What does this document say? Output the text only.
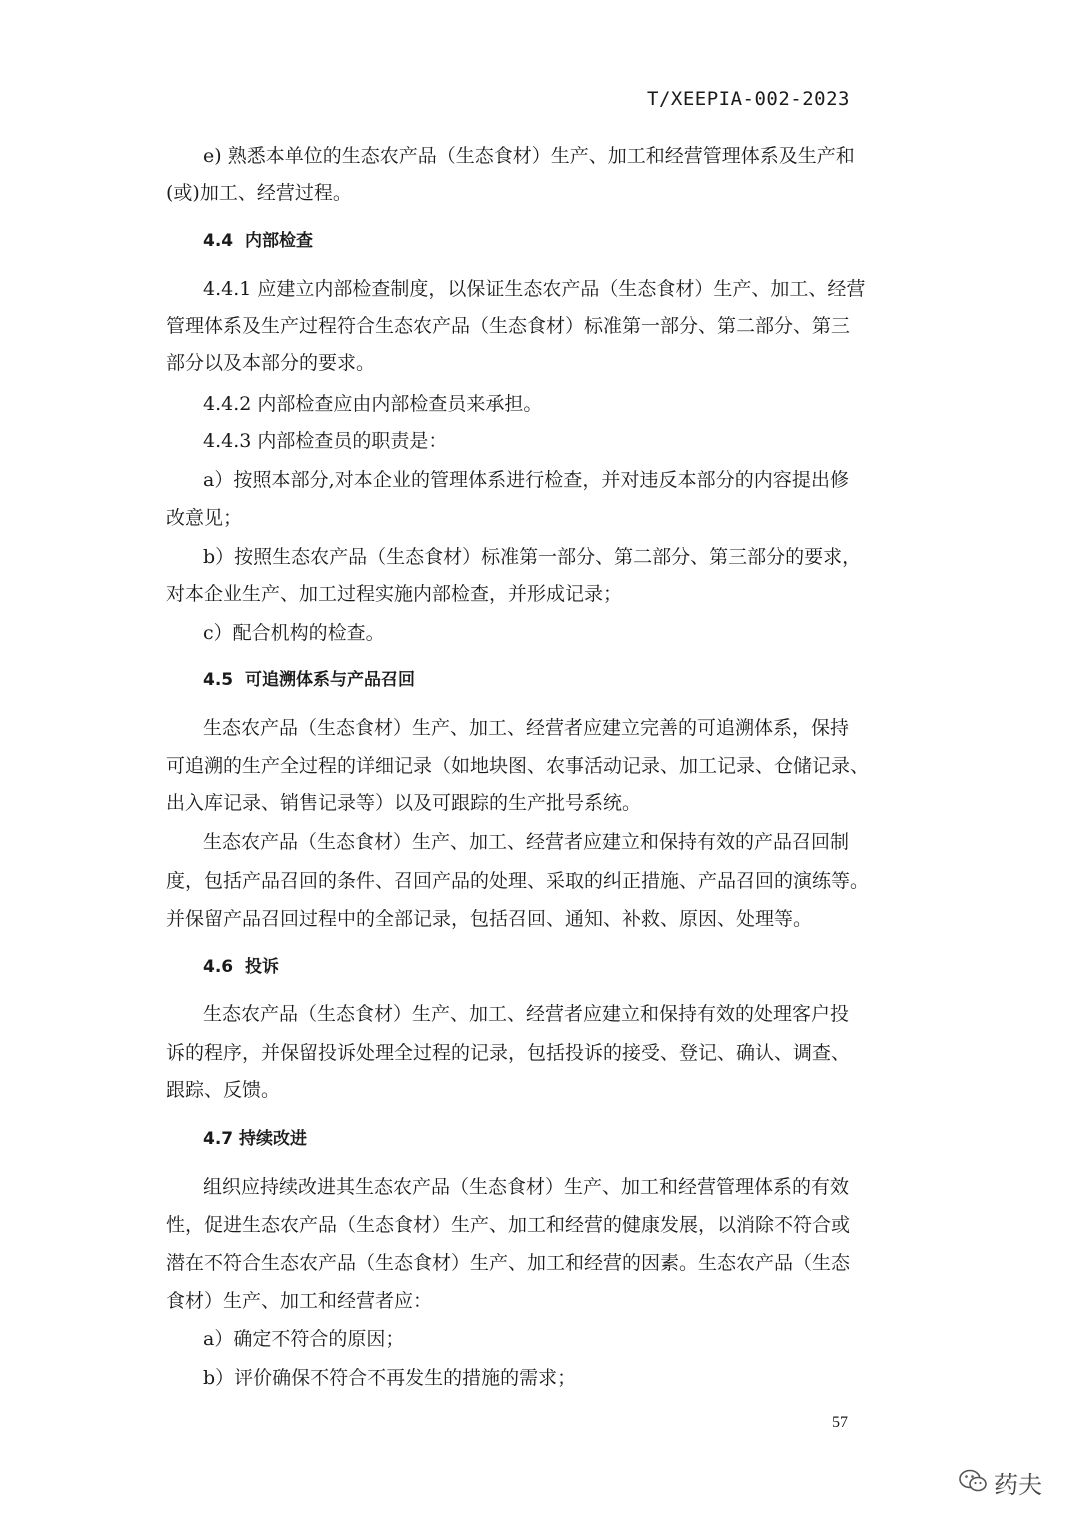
T/XEEPIA-002-2023
e) 熟悉本单位的生态农产品（生态食材）生产、加工和经营管理体系及生产和
(或)加工、经营过程。
4.4 内部检查
4.4.1 应建立内部检查制度，以保证生态农产品（生态食材）生产、加工、经营
管理体系及生产过程符合生态农产品（生态食材）标准第一部分、第二部分、第三
部分以及本部分的要求。
4.4.2 内部检查应由内部检查员来承担。
4.4.3 内部检查员的职责是：
a）按照本部分,对本企业的管理体系进行检查，并对违反本部分的内容提出修
改意见；
b）按照生态农产品（生态食材）标准第一部分、第二部分、第三部分的要求，
对本企业生产、加工过程实施内部检查，并形成记录；
c）配合机构的检查。
4.5 可追溯体系与产品召回
生态农产品（生态食材）生产、加工、经营者应建立完善的可追溯体系，保持
可追溯的生产全过程的详细记录（如地块图、农事活动记录、加工记录、仓储记录、
出入库记录、销售记录等）以及可跟踪的生产批号系统。
生态农产品（生态食材）生产、加工、经营者应建立和保持有效的产品召回制
度，包括产品召回的条件、召回产品的处理、采取的纠正措施、产品召回的演练等。
并保留产品召回过程中的全部记录，包括召回、通知、补救、原因、处理等。
4.6 投诉
生态农产品（生态食材）生产、加工、经营者应建立和保持有效的处理客户投
诉的程序，并保留投诉处理全过程的记录，包括投诉的接受、登记、确认、调查、
跟踪、反馈。
4.7 持续改进
组织应持续改进其生态农产品（生态食材）生产、加工和经营管理体系的有效
性，促进生态农产品（生态食材）生产、加工和经营的健康发展，以消除不符合或
潜在不符合生态农产品（生态食材）生产、加工和经营的因素。生态农产品（生态
食材）生产、加工和经营者应：
a）确定不符合的原因；
b）评价确保不符合不再发生的措施的需求；
57
药夫
